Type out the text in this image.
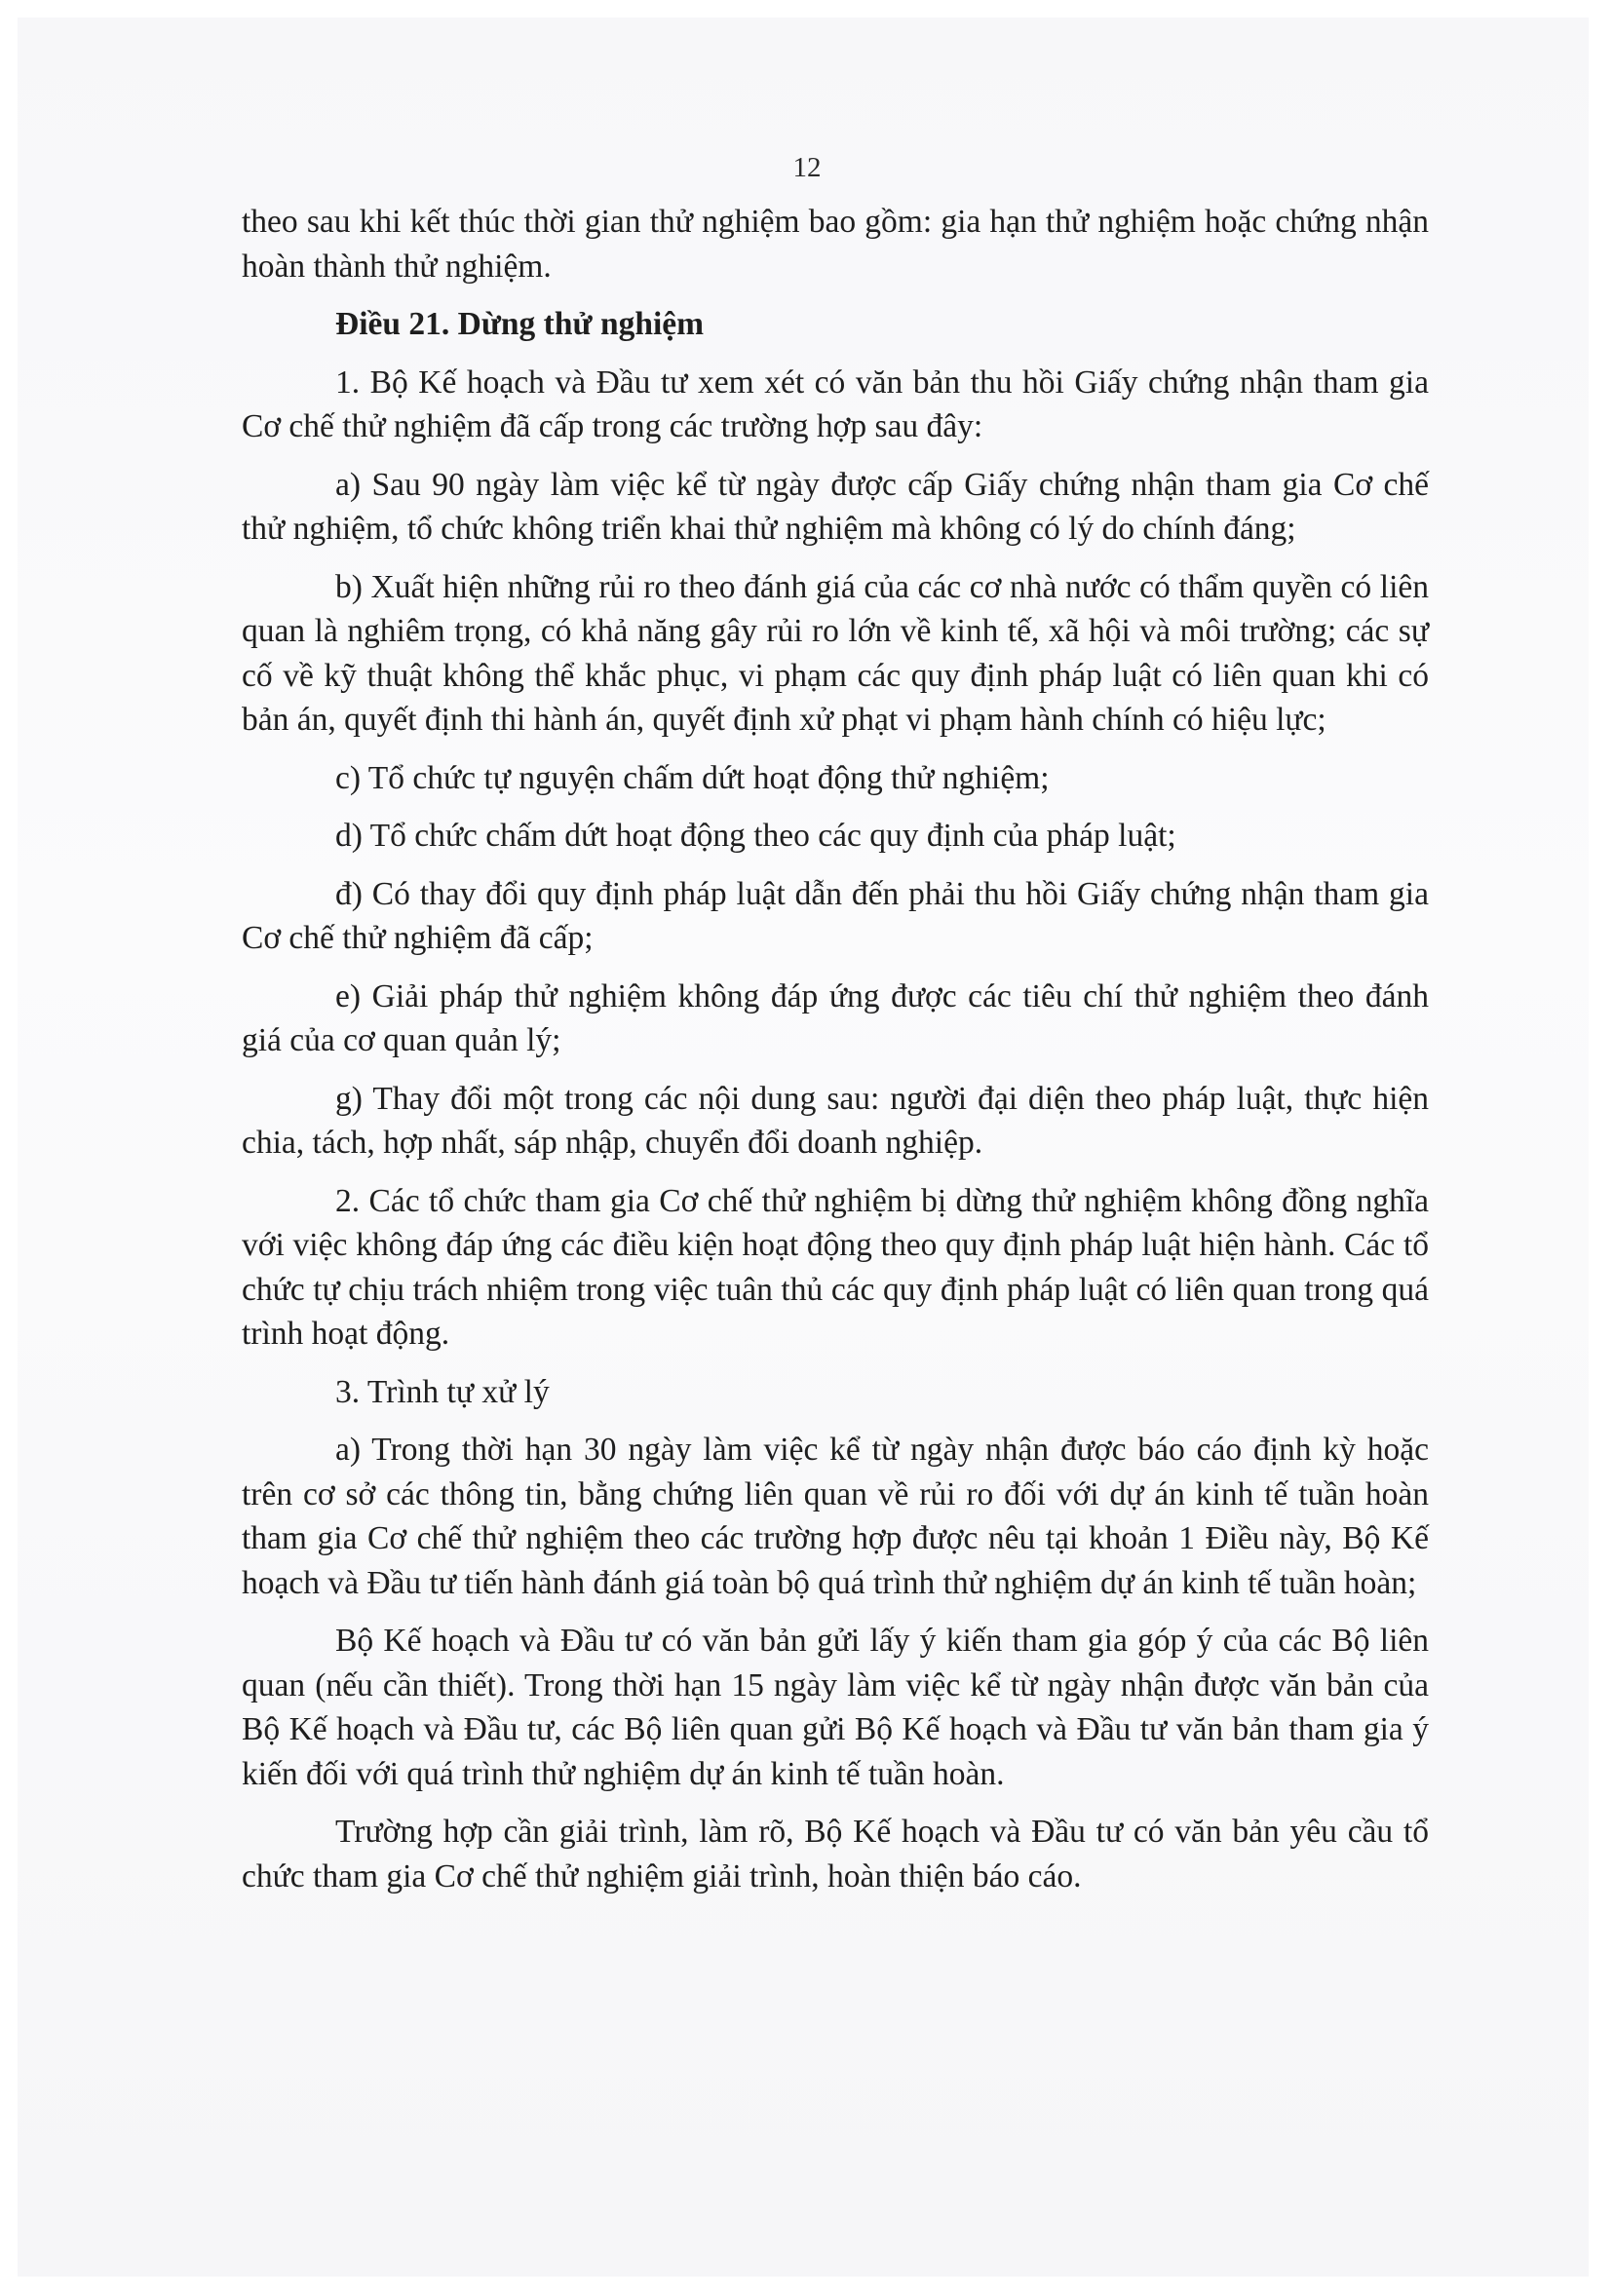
12

theo sau khi kết thúc thời gian thử nghiệm bao gồm: gia hạn thử nghiệm hoặc chứng nhận hoàn thành thử nghiệm.

Điều 21. Dừng thử nghiệm

1. Bộ Kế hoạch và Đầu tư xem xét có văn bản thu hồi Giấy chứng nhận tham gia Cơ chế thử nghiệm đã cấp trong các trường hợp sau đây:

a) Sau 90 ngày làm việc kể từ ngày được cấp Giấy chứng nhận tham gia Cơ chế thử nghiệm, tổ chức không triển khai thử nghiệm mà không có lý do chính đáng;

b) Xuất hiện những rủi ro theo đánh giá của các cơ nhà nước có thẩm quyền có liên quan là nghiêm trọng, có khả năng gây rủi ro lớn về kinh tế, xã hội và môi trường; các sự cố về kỹ thuật không thể khắc phục, vi phạm các quy định pháp luật có liên quan khi có bản án, quyết định thi hành án, quyết định xử phạt vi phạm hành chính có hiệu lực;

c) Tổ chức tự nguyện chấm dứt hoạt động thử nghiệm;

d) Tổ chức chấm dứt hoạt động theo các quy định của pháp luật;

đ) Có thay đổi quy định pháp luật dẫn đến phải thu hồi Giấy chứng nhận tham gia Cơ chế thử nghiệm đã cấp;

e) Giải pháp thử nghiệm không đáp ứng được các tiêu chí thử nghiệm theo đánh giá của cơ quan quản lý;

g) Thay đổi một trong các nội dung sau: người đại diện theo pháp luật, thực hiện chia, tách, hợp nhất, sáp nhập, chuyển đổi doanh nghiệp.

2. Các tổ chức tham gia Cơ chế thử nghiệm bị dừng thử nghiệm không đồng nghĩa với việc không đáp ứng các điều kiện hoạt động theo quy định pháp luật hiện hành. Các tổ chức tự chịu trách nhiệm trong việc tuân thủ các quy định pháp luật có liên quan trong quá trình hoạt động.

3. Trình tự xử lý

a) Trong thời hạn 30 ngày làm việc kể từ ngày nhận được báo cáo định kỳ hoặc trên cơ sở các thông tin, bằng chứng liên quan về rủi ro đối với dự án kinh tế tuần hoàn tham gia Cơ chế thử nghiệm theo các trường hợp được nêu tại khoản 1 Điều này, Bộ Kế hoạch và Đầu tư tiến hành đánh giá toàn bộ quá trình thử nghiệm dự án kinh tế tuần hoàn;

Bộ Kế hoạch và Đầu tư có văn bản gửi lấy ý kiến tham gia góp ý của các Bộ liên quan (nếu cần thiết). Trong thời hạn 15 ngày làm việc kể từ ngày nhận được văn bản của Bộ Kế hoạch và Đầu tư, các Bộ liên quan gửi Bộ Kế hoạch và Đầu tư văn bản tham gia ý kiến đối với quá trình thử nghiệm dự án kinh tế tuần hoàn.

Trường hợp cần giải trình, làm rõ, Bộ Kế hoạch và Đầu tư có văn bản yêu cầu tổ chức tham gia Cơ chế thử nghiệm giải trình, hoàn thiện báo cáo.
